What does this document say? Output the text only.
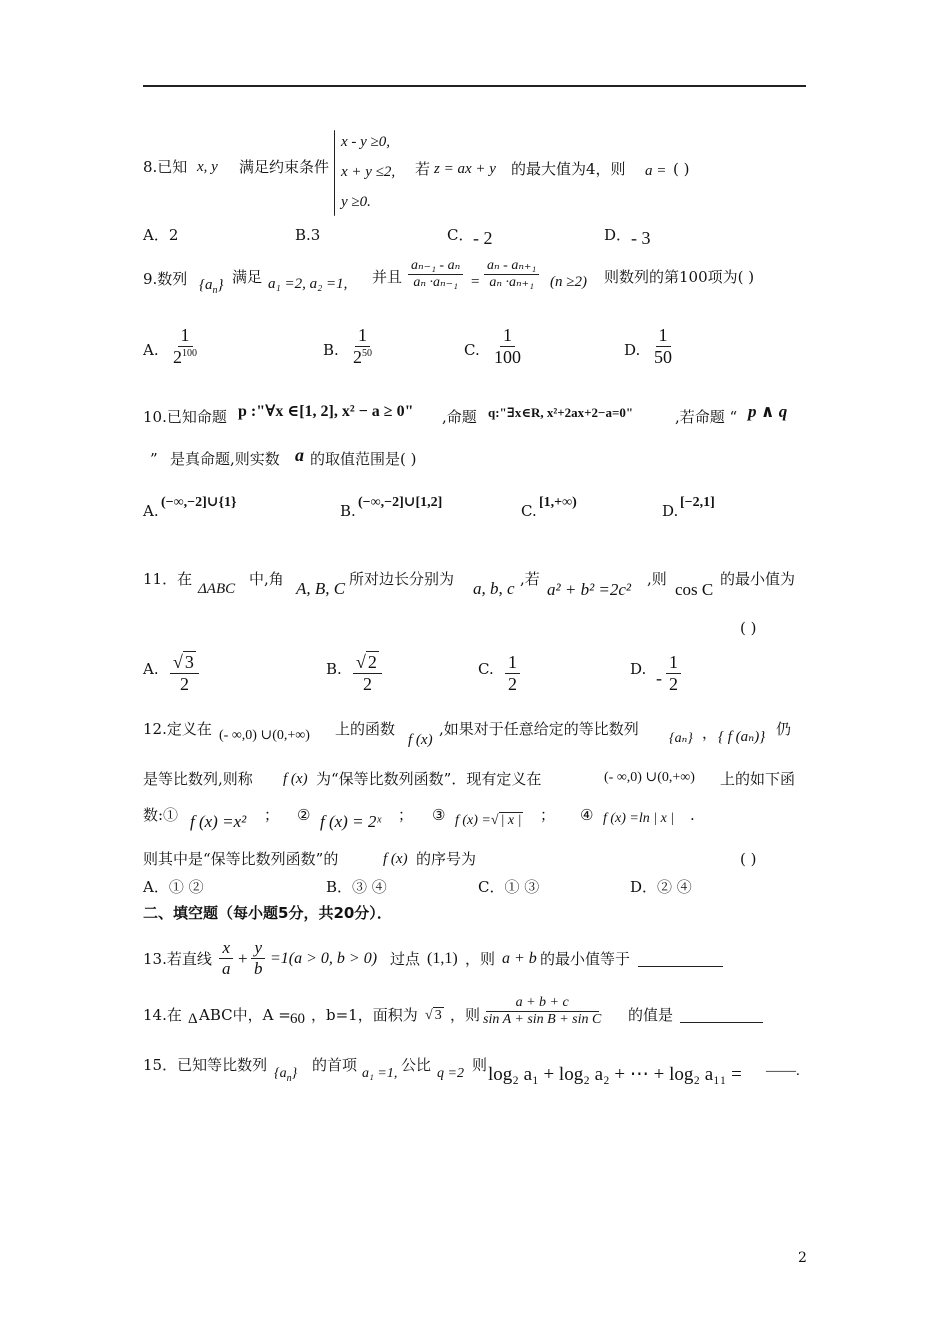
8.已知 x, y 满足约束条件
x - y ≥0,
x + y ≤2,
y ≥0.
若 z = ax + y 的最大值为4，则 a = ( )
A．2	B.3	C． - 2	D． - 3
9.数列 $\{a_n\}$ 满足 a₁ =2, a₂ =1, 并且 $\frac{\text{aₙ₋₁ - aₙ}}{\text{aₙ ·aₙ₋₁}} = \frac{\text{aₙ - aₙ₊₁}}{\text{aₙ ·aₙ₊₁}} (n \ge 2)$ 则数列的第100项为( )
A. $\frac{1}{2^{100}}$	B. $\frac{1}{2^{50}}$	C. $\frac{1}{100}$	D. $\frac{1}{50}$
10.已知命题 p :"∀x ∈[1, 2], x² − a ≥ 0" ,命题 q:"∃x∈R, x²+2ax+2−a=0"	,若命题 “ p ∧ q
” 是真命题,则实数 a 的取值范围是( )
A. (−∞,−2]∪{1}	B. (−∞,−2]∪[1,2]	C. [1,+∞)	D. [−2,1]
11．在
ΔABC
中,角 A, B, C 所对边长分别为 a, b, c ,若
a² + b² =2c²
,则
cos C
的最小值为
( )
A. $\frac{√ 3}{2}$	B. $\frac{√ 2}{2}$	C. $\frac{1}{2}$	D. - $\frac{1}{2}$
12.定义在 (- ∞,0) ∪(0,+∞) 上的函数
f (x)
,如果对于任意给定的等比数列
{aₙ} ， { f (aₙ)} 仍
是等比数列,则称 f (x) 为“保等比数列函数”．现有定义在	(- ∞,0) ∪(0,+∞) 上的如下函
数:① f (x) =x² ； ② f (x) = 2ˣ ； ③ f (x) =√ | x | ； ④ f (x) =ln | x | .
则其中是“保等比数列函数”的	f (x) 的序号为	( )
A．① ②	B．③ ④	C．① ③	D．② ④
二、填空题（每小题5分，共20分）．
13.若直线 $\frac{x}{a} + \frac{y}{b} =1(a > 0$, b > 0) 过点 (1,1) ，则 a + b 的最小值等于
14.在 Δ ABC中，A = 60 ，b=1，面积为 √ 3 ，则 $\frac{a + b + c}{\text{sin A + sin B + sin C}}$ 的值是
15．已知等比数列 $\{a_n\}$ 的首项 a₁ =1, 公比 q =2 则 log₂ a₁ + log₂ a₂ + ⋯ + log₂ a₁₁ = ——.
2
